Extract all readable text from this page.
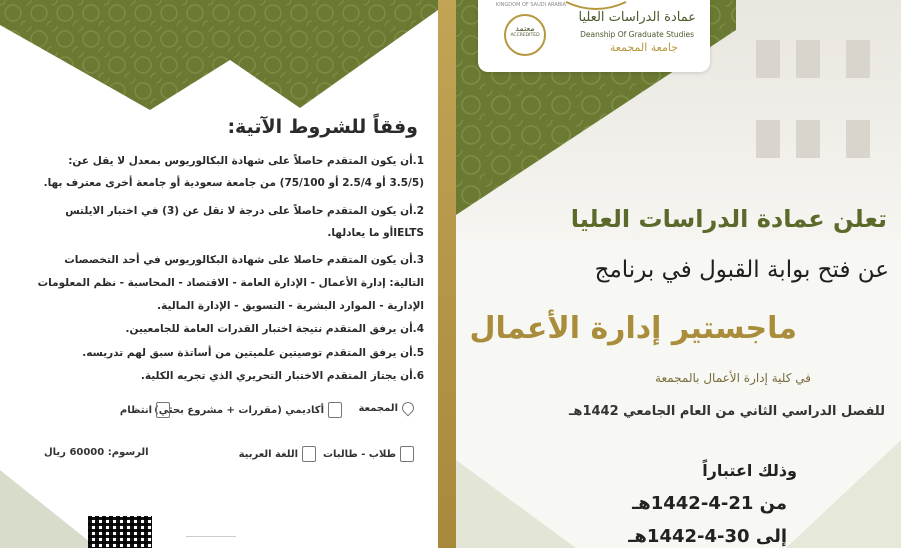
وفقاً للشروط الآتية:
1.أن يكون المتقدم حاصلاً على شهادة البكالوريوس بمعدل لا يقل عن:
(3.5/5 أو 2.5/4 أو 75/100) من جامعة سعودية أو جامعة أخرى معترف بها.
2.أن يكون المتقدم حاصلاً على درجة لا تقل عن (3) في اختبار الايلتس
IELTSأو ما يعادلها.
3.أن يكون المتقدم حاصلا على شهادة البكالوريوس في أحد التخصصات
التالية: إدارة الأعمال - الإدارة العامة - الاقتصاد - المحاسبة - نظم المعلومات
الإدارية - الموارد البشرية - التسويق - الإدارة المالية.
4.أن يرفق المتقدم نتيجة اختبار القدرات العامة للجامعيين.
5.أن يرفق المتقدم توصيتين علميتين من أساتذة سبق لهم تدريسه.
6.أن يجتاز المتقدم الاختبار التحريري الذي تجريه الكلية.
المجمعة
أكاديمي (مقررات + مشروع بحثي)
انتظام
طلاب - طالبات
اللغة العربية
الرسوم: 60000 ريال
تعلن عمادة الدراسات العليا
عن فتح بوابة القبول في برنامج
ماجستير إدارة الأعمال
في كلية إدارة الأعمال بالمجمعة
للفصل الدراسي الثاني من العام الجامعي 1442هـ
وذلك اعتباراً
من 21-4-1442هـ
إلى 30-4-1442هـ
عمادة الدراسات العليا
Deanship Of Graduate Studies
جامعة المجمعة
KINGDOM OF SAUDI ARABIA
معتمد
ACCREDITED
